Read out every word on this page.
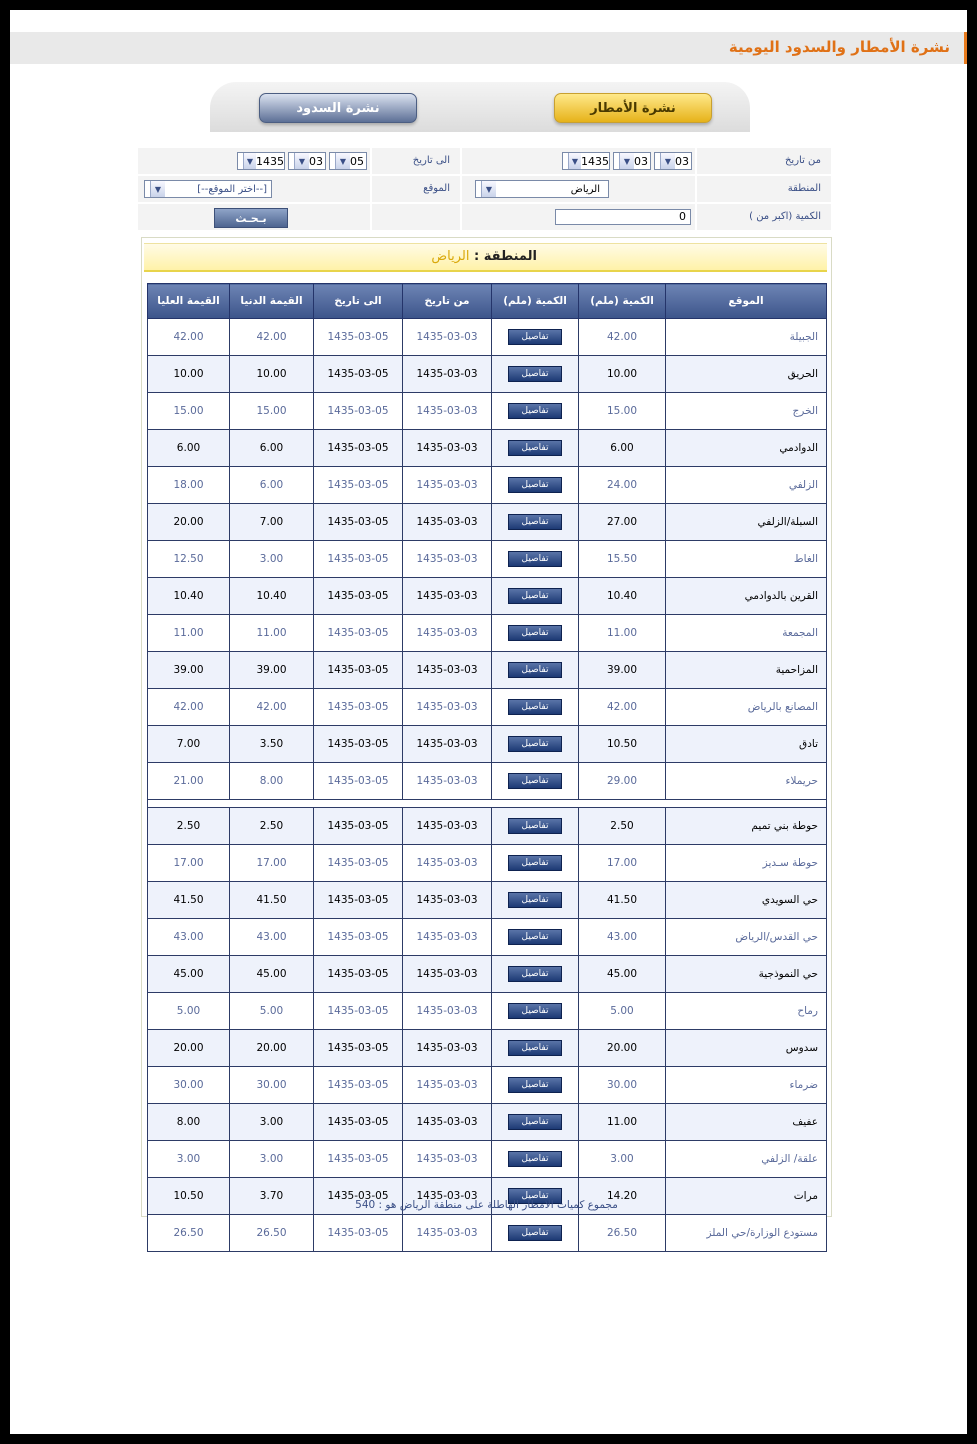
نشرة الأمطار والسدود اليومية
نشرة الأمطار
نشرة السدود
من تاريخ
▼ 1435	▼ 03	▼ 03
الى تاريخ
▼ 1435	▼ 03	▼ 05
المنطقة
▼	الرياض
الموقع
▼	[--اختر الموقع--]
الكمية (اكبر من )
0
بـحـث
المنطقة : الرياض
الموقع	الكمية (ملم)	الكمية (ملم)	من تاريخ	الى تاريخ	القيمة الدنيا	القيمة العليا
الجبيلة	42.00	تفاصيل	1435-03-03	1435-03-05	42.00	42.00
الحريق	10.00	تفاصيل	1435-03-03	1435-03-05	10.00	10.00
الخرج	15.00	تفاصيل	1435-03-03	1435-03-05	15.00	15.00
الدوادمي	6.00	تفاصيل	1435-03-03	1435-03-05	6.00	6.00
الزلفي	24.00	تفاصيل	1435-03-03	1435-03-05	6.00	18.00
السبلة/الزلفي	27.00	تفاصيل	1435-03-03	1435-03-05	7.00	20.00
الغاط	15.50	تفاصيل	1435-03-03	1435-03-05	3.00	12.50
القرين بالدوادمي	10.40	تفاصيل	1435-03-03	1435-03-05	10.40	10.40
المجمعة	11.00	تفاصيل	1435-03-03	1435-03-05	11.00	11.00
المزاحمية	39.00	تفاصيل	1435-03-03	1435-03-05	39.00	39.00
المصانع بالرياض	42.00	تفاصيل	1435-03-03	1435-03-05	42.00	42.00
تادق	10.50	تفاصيل	1435-03-03	1435-03-05	3.50	7.00
حريملاء	29.00	تفاصيل	1435-03-03	1435-03-05	8.00	21.00

حوطة بني تميم	2.50	تفاصيل	1435-03-03	1435-03-05	2.50	2.50
حوطة سـديز	17.00	تفاصيل	1435-03-03	1435-03-05	17.00	17.00
حي السويدي	41.50	تفاصيل	1435-03-03	1435-03-05	41.50	41.50
حي القدس/الرياض	43.00	تفاصيل	1435-03-03	1435-03-05	43.00	43.00
حي النموذجية	45.00	تفاصيل	1435-03-03	1435-03-05	45.00	45.00
رماح	5.00	تفاصيل	1435-03-03	1435-03-05	5.00	5.00
سدوس	20.00	تفاصيل	1435-03-03	1435-03-05	20.00	20.00
ضرماء	30.00	تفاصيل	1435-03-03	1435-03-05	30.00	30.00
عفيف	11.00	تفاصيل	1435-03-03	1435-03-05	3.00	8.00
علقة/ الزلفي	3.00	تفاصيل	1435-03-03	1435-03-05	3.00	3.00
مرات	14.20	تفاصيل	1435-03-03	1435-03-05	3.70	10.50
مستودع الوزارة/حي الملز	26.50	تفاصيل	1435-03-03	1435-03-05	26.50	26.50
مجموع كميات الامطار الهاطلة على منطقة الرياض هو : 540
